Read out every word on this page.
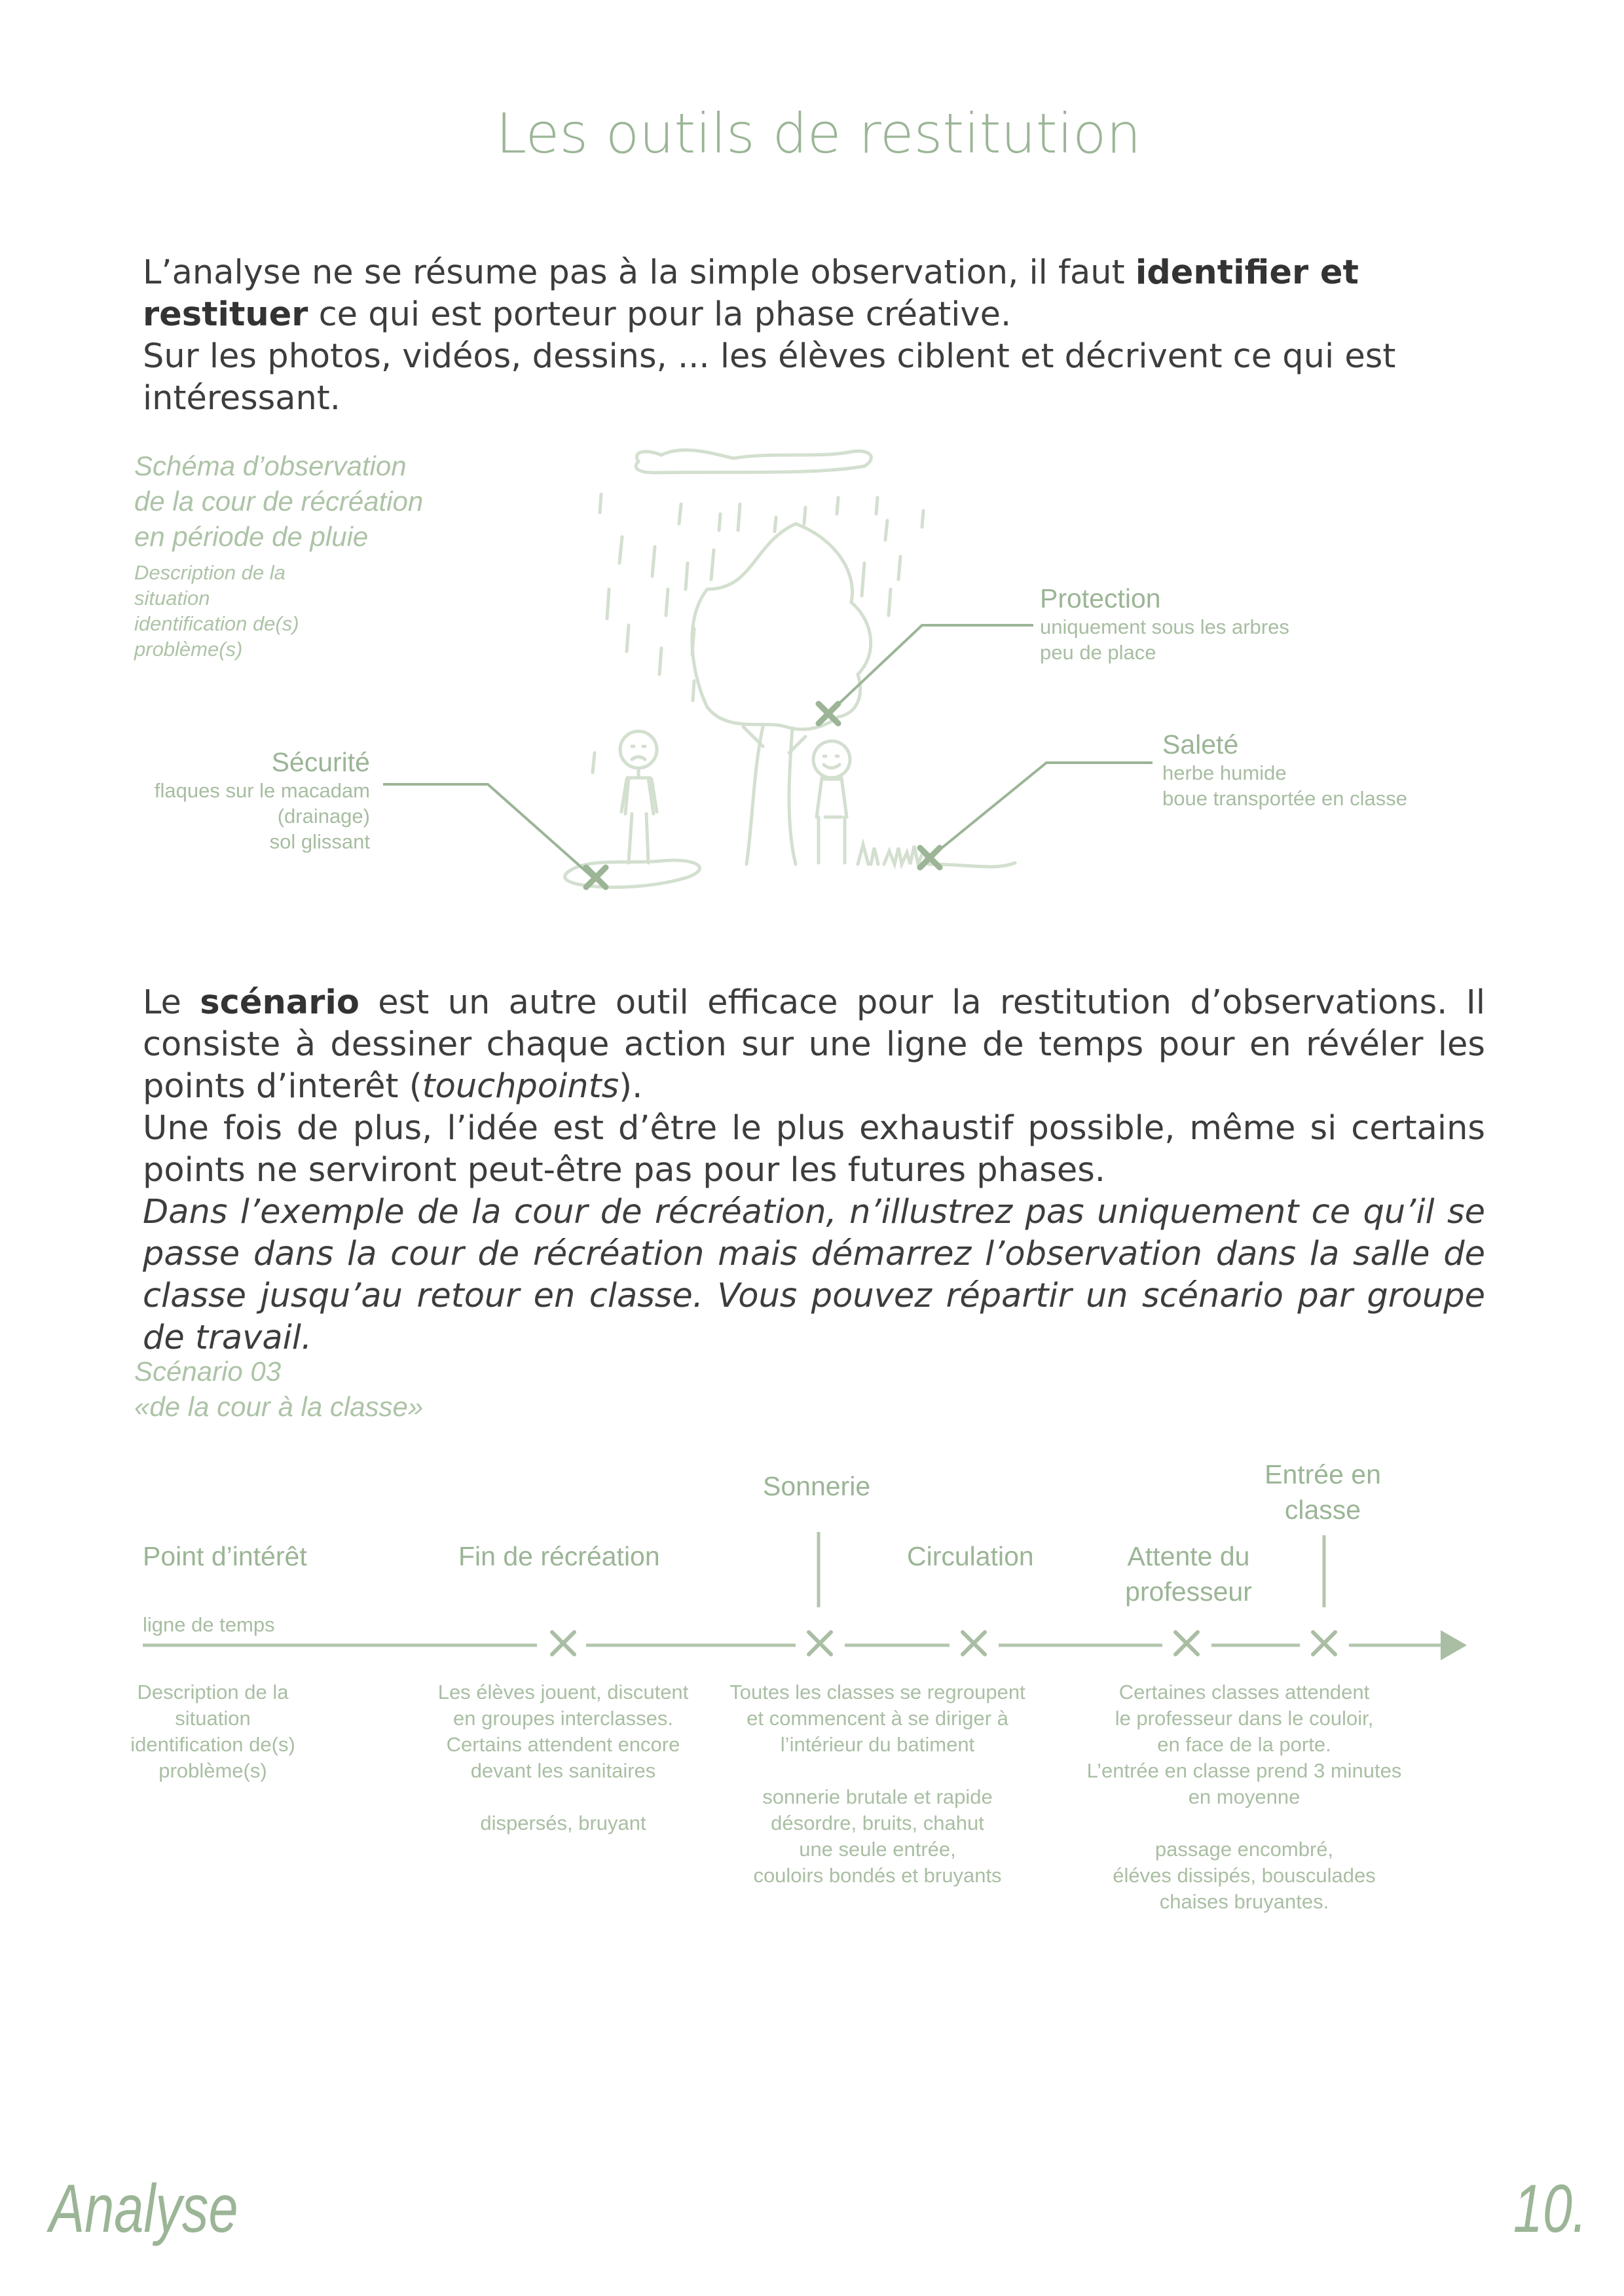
Les outils de restitution

L’analyse ne se résume pas à la simple observation, il faut identifier et restituer ce qui est porteur pour la phase créative.

Sur les photos, vidéos, dessins, ... les élèves ciblent et décrivent ce qui est intéressant.

Schéma d’observation
de la cour de récréation
en période de pluie
Description de la
situation
identification de(s)
problème(s)
Protection
uniquement sous les arbres
peu de place
Saleté
herbe humide
boue transportée en classe
Sécurité
flaques sur le macadam
(drainage)
sol glissant

Le scénario est un autre outil efficace pour la restitution d’observations. Il consiste à dessiner chaque action sur une ligne de temps pour en révéler les points d’interêt (touchpoints).

Une fois de plus, l’idée est d’être le plus exhaustif possible, même si certains points ne serviront peut-être pas pour les futures phases.

Dans l’exemple de la cour de récréation, n’illustrez pas uniquement ce qu’il se passe dans la cour de récréation mais démarrez l’observation dans la salle de classe jusqu’au retour en classe. Vous pouvez répartir un scénario par groupe de travail.

Scénario 03
«de la cour à la classe»
Point d’intérêt	Fin de récréation
Sonnerie
Circulation	Attente du
professeur
Entrée en
classe
ligne de temps
Description de la
situation
identification de(s)
problème(s)
Les élèves jouent, discutent
en groupes interclasses.
Certains attendent encore
devant les sanitaires

dispersés, bruyant
Toutes les classes se regroupent
et commencent à se diriger à
l’intérieur du batiment

sonnerie brutale et rapide
désordre, bruits, chahut
une seule entrée,
couloirs bondés et bruyants
Certaines classes attendent
le professeur dans le couloir,
en face de la porte.
L’entrée en classe prend 3 minutes
en moyenne

passage encombré,
éléves dissipés, bousculades
chaises bruyantes.
Analyse	10.
